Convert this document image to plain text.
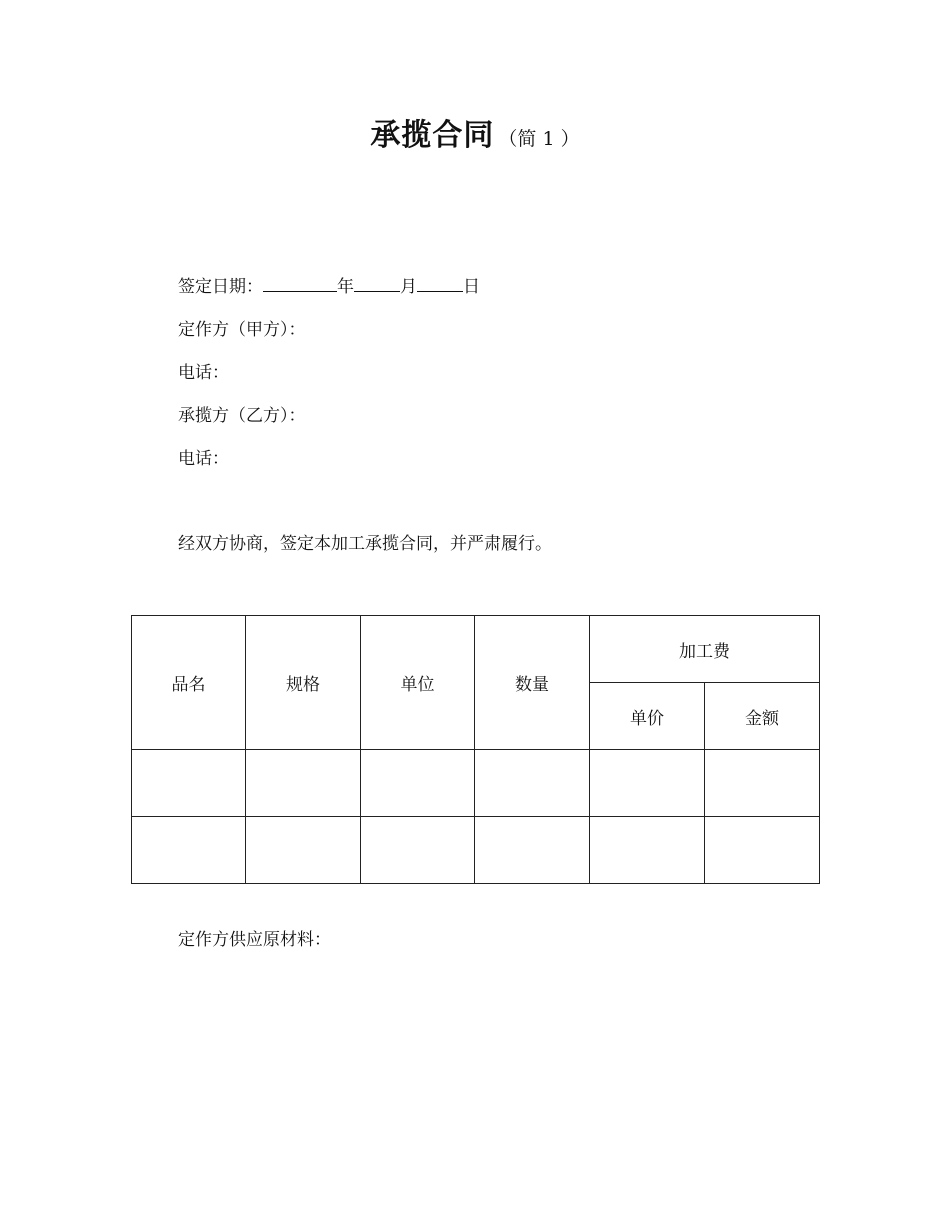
承揽合同 （简 1 ）
签定日期：	年	月	日
定作方（甲方）：
电话：
承揽方（乙方）：
电话：
经双方协商，签定本加工承揽合同，并严肃履行。
品名	规格	单位	数量	加工费	
				单价	金额

定作方供应原材料：
